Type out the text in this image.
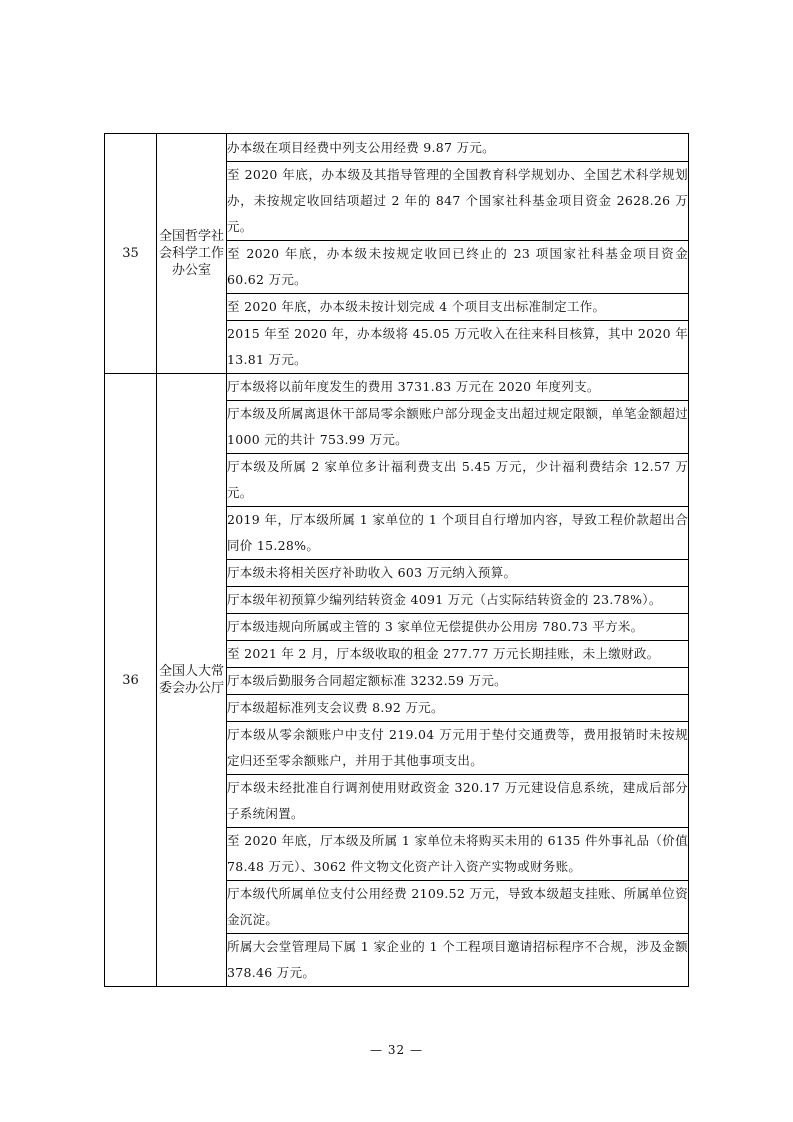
35	全国哲学社会科学工作办公室	办本级在项目经费中列支公用经费 9.87 万元。
		至 2020 年底，办本级及其指导管理的全国教育科学规划办、全国艺术科学规划办，未按规定收回结项超过 2 年的 847 个国家社科基金项目资金 2628.26 万元。
		至 2020 年底，办本级未按规定收回已终止的 23 项国家社科基金项目资金 60.62 万元。
		至 2020 年底，办本级未按计划完成 4 个项目支出标准制定工作。
		2015 年至 2020 年，办本级将 45.05 万元收入在往来科目核算，其中 2020 年 13.81 万元。
36	全国人大常委会办公厅	厅本级将以前年度发生的费用 3731.83 万元在 2020 年度列支。
		厅本级及所属离退休干部局零余额账户部分现金支出超过规定限额，单笔金额超过 1000 元的共计 753.99 万元。
		厅本级及所属 2 家单位多计福利费支出 5.45 万元，少计福利费结余 12.57 万元。
		2019 年，厅本级所属 1 家单位的 1 个项目自行增加内容，导致工程价款超出合同价 15.28%。
		厅本级未将相关医疗补助收入 603 万元纳入预算。
		厅本级年初预算少编列结转资金 4091 万元（占实际结转资金的 23.78%）。
		厅本级违规向所属或主管的 3 家单位无偿提供办公用房 780.73 平方米。
		至 2021 年 2 月，厅本级收取的租金 277.77 万元长期挂账，未上缴财政。
		厅本级后勤服务合同超定额标准 3232.59 万元。
		厅本级超标准列支会议费 8.92 万元。
		厅本级从零余额账户中支付 219.04 万元用于垫付交通费等，费用报销时未按规定归还至零余额账户，并用于其他事项支出。
		厅本级未经批准自行调剂使用财政资金 320.17 万元建设信息系统，建成后部分子系统闲置。
		至 2020 年底，厅本级及所属 1 家单位未将购买未用的 6135 件外事礼品（价值 78.48 万元）、3062 件文物文化资产计入资产实物或财务账。
		厅本级代所属单位支付公用经费 2109.52 万元，导致本级超支挂账、所属单位资金沉淀。
		所属大会堂管理局下属 1 家企业的 1 个工程项目邀请招标程序不合规，涉及金额 378.46 万元。
— 32 —
